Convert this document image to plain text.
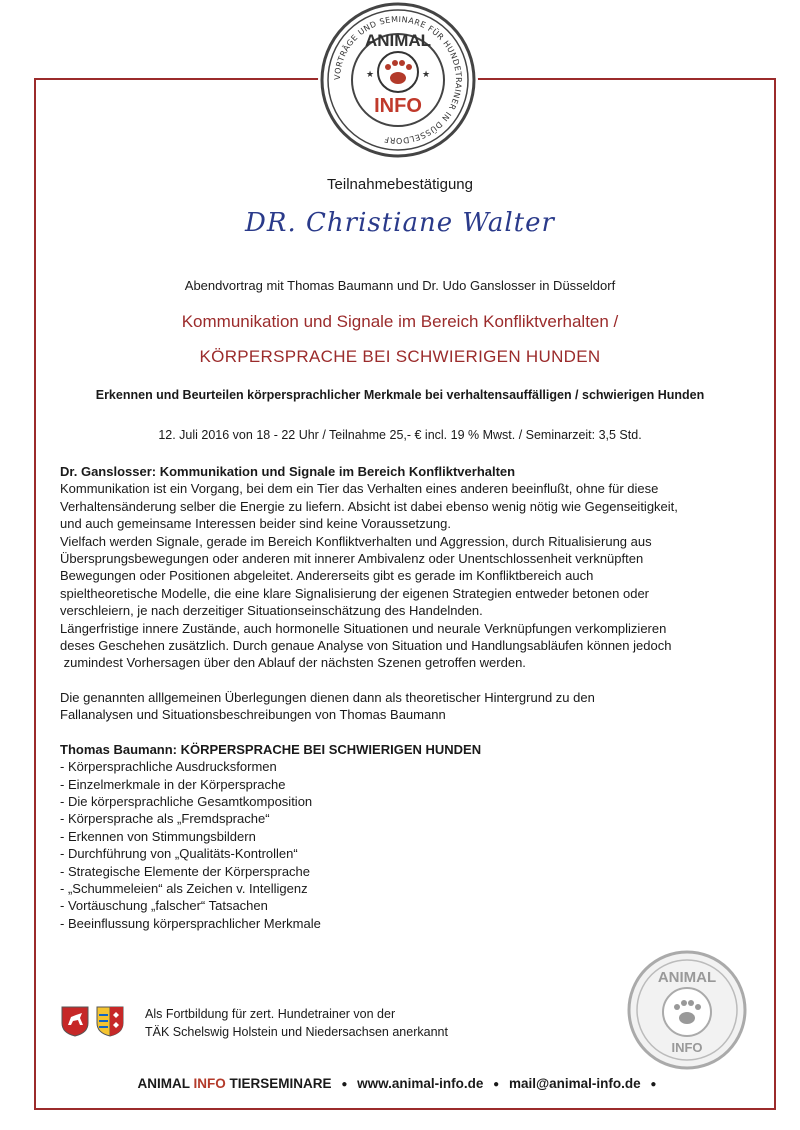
VORTRÄGE UND SEMINARE FÜR HUNDETRAINER IN DÜSSELDORF
ANIMAL
INFO
★	★
Teilnahmebestätigung
DR. Christiane Walter
Abendvortrag mit Thomas Baumann und Dr. Udo Ganslosser in Düsseldorf
Kommunikation und Signale im Bereich Konfliktverhalten /
KÖRPERSPRACHE BEI SCHWIERIGEN HUNDEN
Erkennen und Beurteilen körpersprachlicher Merkmale bei verhaltensauffälligen / schwierigen Hunden
12. Juli 2016 von 18 - 22 Uhr / Teilnahme 25,- € incl. 19 % Mwst. / Seminarzeit: 3,5 Std.

Dr. Ganslosser: Kommunikation und Signale im Bereich Konfliktverhalten

Kommunikation ist ein Vorgang, bei dem ein Tier das Verhalten eines anderen beeinflußt, ohne für diese

Verhaltensänderung selber die Energie zu liefern. Absicht ist dabei ebenso wenig nötig wie Gegenseitigkeit,

und auch gemeinsame Interessen beider sind keine Voraussetzung.

Vielfach werden Signale, gerade im Bereich Konfliktverhalten und Aggression, durch Ritualisierung aus

Übersprungsbewegungen oder anderen mit innerer Ambivalenz oder Unentschlossenheit verknüpften

Bewegungen oder Positionen abgeleitet. Andererseits gibt es gerade im Konfliktbereich auch

spieltheoretische Modelle, die eine klare Signalisierung der eigenen Strategien entweder betonen oder

verschleiern, je nach derzeitiger Situationseinschätzung des Handelnden.

Längerfristige innere Zustände, auch hormonelle Situationen und neurale Verknüpfungen verkomplizieren

deses Geschehen zusätzlich. Durch genaue Analyse von Situation und Handlungsabläufen können jedoch

zumindest Vorhersagen über den Ablauf der nächsten Szenen getroffen werden.

Die genannten alllgemeinen Überlegungen dienen dann als theoretischer Hintergrund zu den

Fallanalysen und Situationsbeschreibungen von Thomas Baumann

Thomas Baumann: KÖRPERSPRACHE BEI SCHWIERIGEN HUNDEN

- Körpersprachliche Ausdrucksformen
- Einzelmerkmale in der Körpersprache
- Die körpersprachliche Gesamtkomposition
- Körpersprache als „Fremdsprache“
- Erkennen von Stimmungsbildern
- Durchführung von „Qualitäts-Kontrollen“
- Strategische Elemente der Körpersprache
- „Schummeleien“ als Zeichen v. Intelligenz
- Vortäuschung „falscher“ Tatsachen
- Beeinflussung körpersprachlicher Merkmale
ANIMAL
INFO
Als Fortbildung für zert. Hundetrainer von der
TÄK Schelswig Holstein und Niedersachsen anerkannt
ANIMAL INFO TIERSEMINARE ● www.animal-info.de ● mail@animal-info.de ●
